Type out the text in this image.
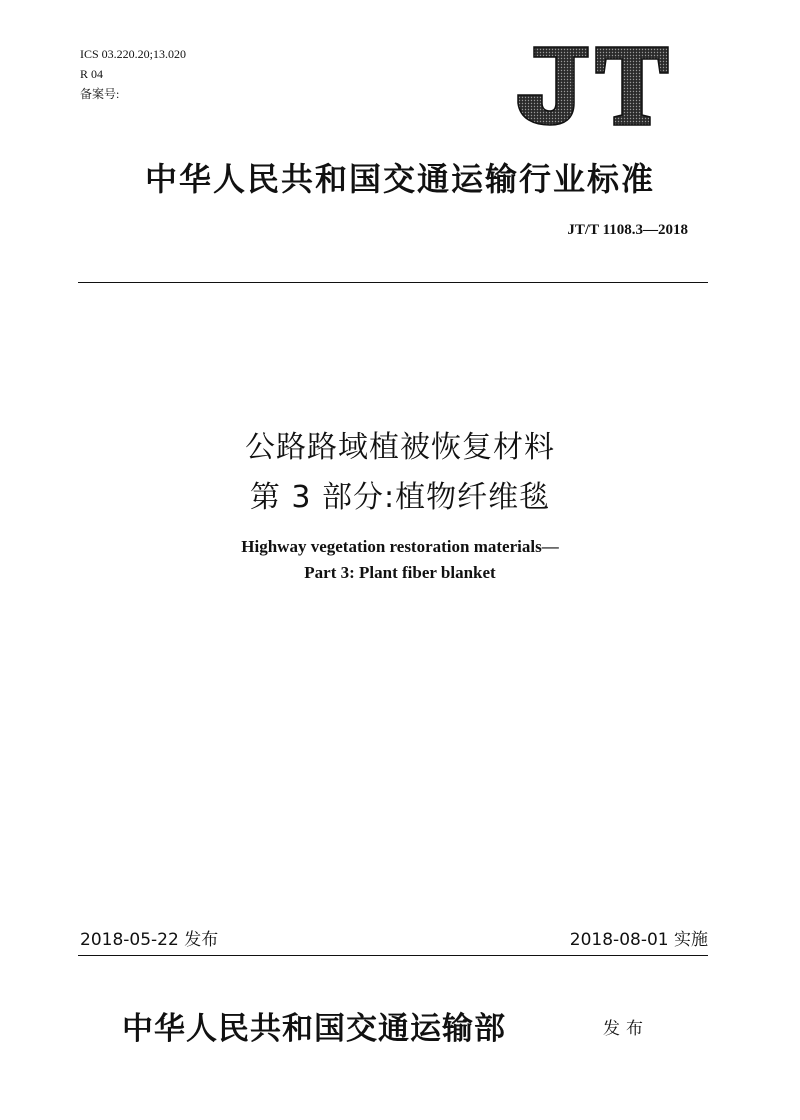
ICS 03.220.20;13.020
R 04
备案号:
中华人民共和国交通运输行业标准
JT/T 1108.3—2018
公路路域植被恢复材料
第 3 部分:植物纤维毯
Highway vegetation restoration materials—
Part 3: Plant fiber blanket
2018-05-22 发布	2018-08-01 实施
中华人民共和国交通运输部	发布
